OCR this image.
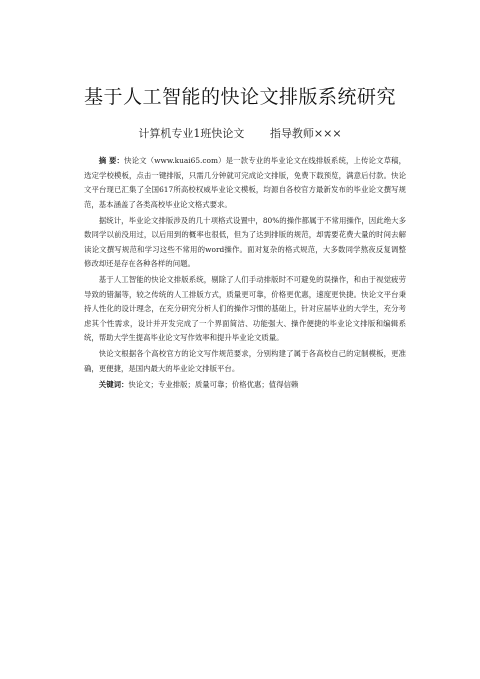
基于人工智能的快论文排版系统研究
计算机专业1班快论文 指导教师×××

摘 要：快论文（www.kuai65.com）是一款专业的毕业论文在线排版系统，上传论文草稿，选定学校模板，点击一键排版，只需几分钟就可完成论文排版，免费下载预览，满意后付款。快论文平台现已汇集了全国617所高校权威毕业论文模板，均源自各校官方最新发布的毕业论文撰写规范，基本涵盖了各类高校毕业论文格式要求。

据统计，毕业论文排版涉及的几十项格式设置中，80%的操作都属于不常用操作，因此绝大多数同学以前没用过，以后用到的概率也很低，但为了达到排版的规范，却需要花费大量的时间去解读论文撰写规范和学习这些不常用的word操作。面对复杂的格式规范，大多数同学熬夜反复调整修改却还是存在各种各样的问题。

基于人工智能的快论文排版系统，剔除了人们手动排版时不可避免的误操作，和由于视觉疲劳导致的错漏等，较之传统的人工排版方式，质量更可靠，价格更优惠，速度更快捷。快论文平台秉持人性化的设计理念，在充分研究分析人们的操作习惯的基础上，针对应届毕业的大学生，充分考虑其个性需求，设计并开发完成了一个界面简洁、功能强大、操作便捷的毕业论文排版和编辑系统，帮助大学生提高毕业论文写作效率和提升毕业论文质量。

快论文根据各个高校官方的论文写作规范要求，分别构建了属于各高校自己的定制模板，更准确，更便捷，是国内最大的毕业论文排版平台。

关键词：快论文；专业排版；质量可靠；价格优惠；值得信赖
